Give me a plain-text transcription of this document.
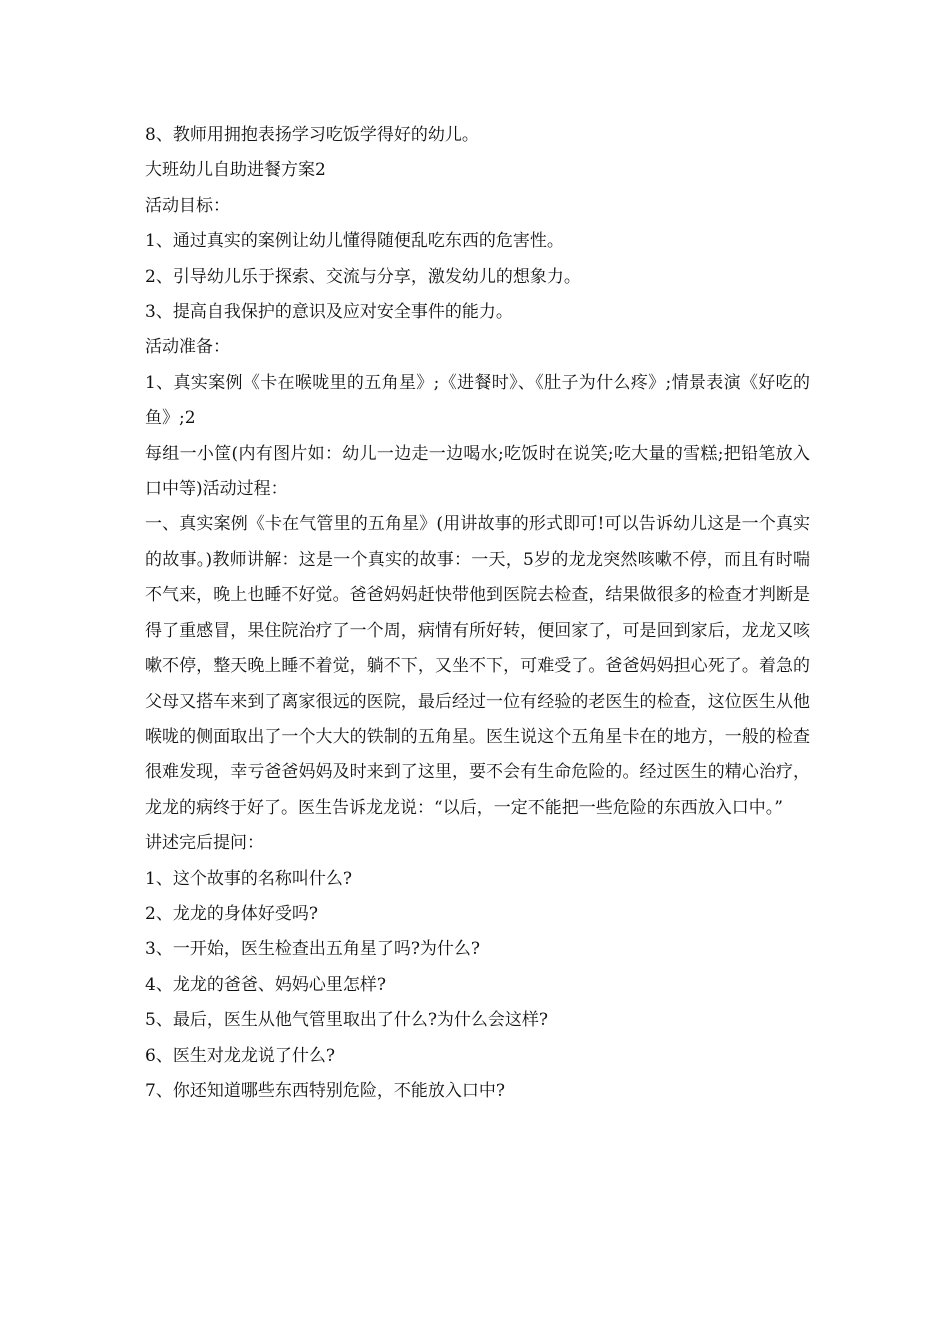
8、教师用拥抱表扬学习吃饭学得好的幼儿。

大班幼儿自助进餐方案2

活动目标：

1、通过真实的案例让幼儿懂得随便乱吃东西的危害性。

2、引导幼儿乐于探索、交流与分享，激发幼儿的想象力。

3、提高自我保护的意识及应对安全事件的能力。

活动准备：

1、真实案例《卡在喉咙里的五角星》;《进餐时》、《肚子为什么疼》;情景表演《好吃的鱼》;2

每组一小筐(内有图片如：幼儿一边走一边喝水;吃饭时在说笑;吃大量的雪糕;把铅笔放入口中等)活动过程：

一、真实案例《卡在气管里的五角星》(用讲故事的形式即可!可以告诉幼儿这是一个真实的故事。)教师讲解：这是一个真实的故事：一天，5岁的龙龙突然咳嗽不停，而且有时喘不气来，晚上也睡不好觉。爸爸妈妈赶快带他到医院去检查，结果做很多的检查才判断是得了重感冒，果住院治疗了一个周，病情有所好转，便回家了，可是回到家后，龙龙又咳嗽不停，整天晚上睡不着觉，躺不下，又坐不下，可难受了。爸爸妈妈担心死了。着急的父母又搭车来到了离家很远的医院，最后经过一位有经验的老医生的检查，这位医生从他喉咙的侧面取出了一个大大的铁制的五角星。医生说这个五角星卡在的地方，一般的检查很难发现，幸亏爸爸妈妈及时来到了这里，要不会有生命危险的。经过医生的精心治疗，龙龙的病终于好了。医生告诉龙龙说：“以后，一定不能把一些危险的东西放入口中。”

讲述完后提问：

1、这个故事的名称叫什么?

2、龙龙的身体好受吗?

3、一开始，医生检查出五角星了吗?为什么?

4、龙龙的爸爸、妈妈心里怎样?

5、最后，医生从他气管里取出了什么?为什么会这样?

6、医生对龙龙说了什么?

7、你还知道哪些东西特别危险，不能放入口中?
